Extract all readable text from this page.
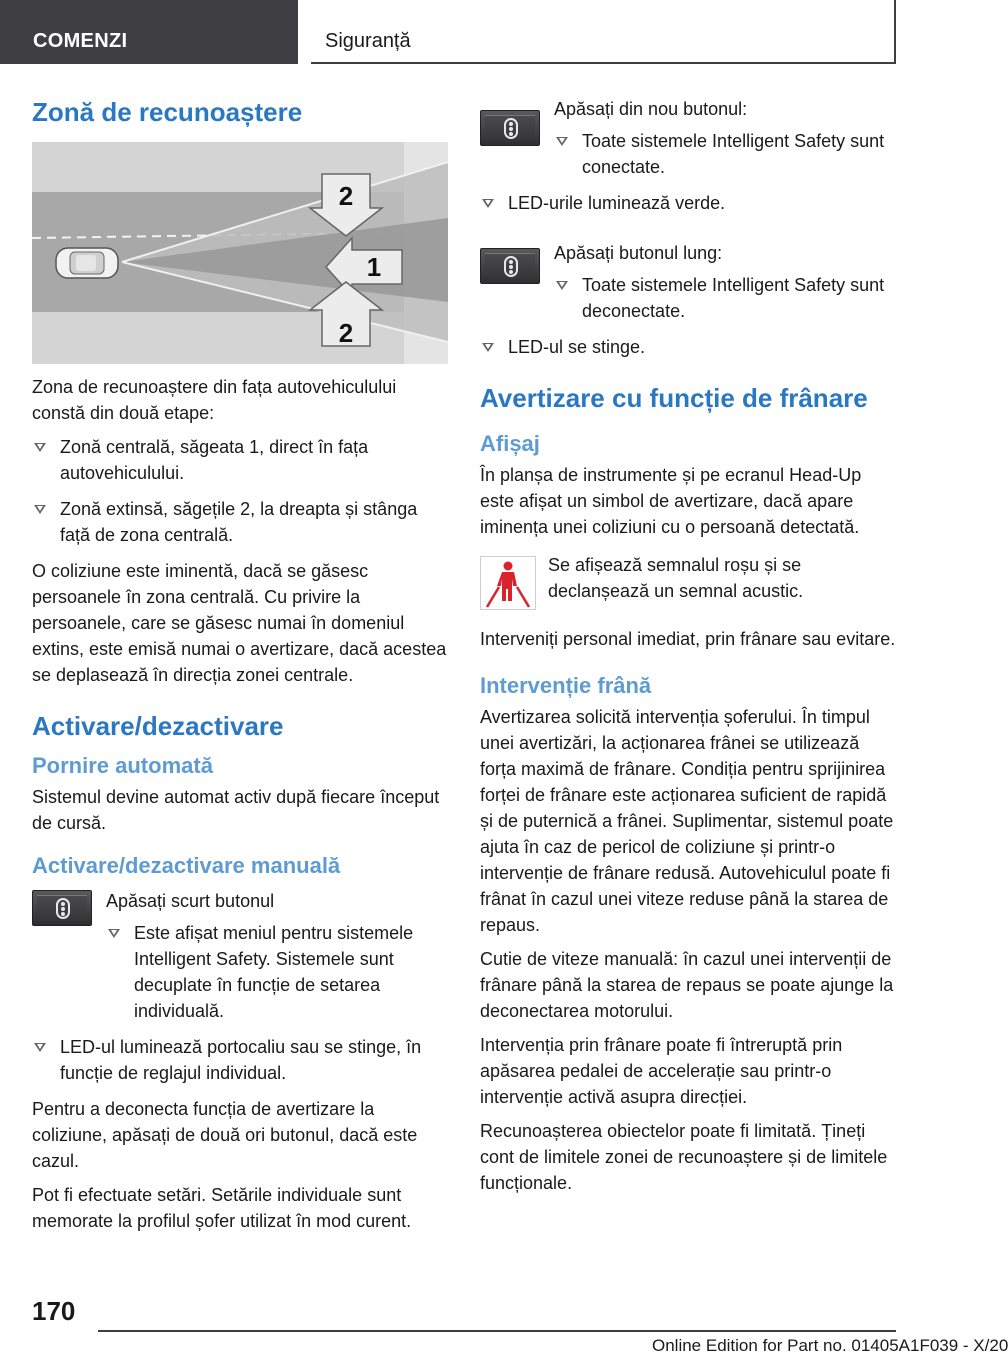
COMENZI	Siguranță
Zonă de recunoaștere
2
1
2

Zona de recunoaștere din fața autovehiculului constă din două etape:

Zonă centrală, săgeata 1, direct în fața autovehiculului.
Zonă extinsă, săgețile 2, la dreapta și stânga față de zona centrală.

O coliziune este iminentă, dacă se găsesc persoanele în zona centrală. Cu privire la persoanele, care se găsesc numai în domeniul extins, este emisă numai o avertizare, dacă acestea se deplasează în direcția zonei centrale.

Activare/dezactivare
Pornire automată

Sistemul devine automat activ după fiecare început de cursă.

Activare/dezactivare manuală

Apăsați scurt butonul

Este afișat meniul pentru sistemele Intelligent Safety. Sistemele sunt decuplate în funcție de setarea individuală.
LED-ul luminează portocaliu sau se stinge, în funcție de reglajul individual.

Pentru a deconecta funcția de avertizare la coliziune, apăsați de două ori butonul, dacă este cazul.

Pot fi efectuate setări. Setările individuale sunt memorate la profilul șofer utilizat în mod curent.

Apăsați din nou butonul:

Toate sistemele Intelligent Safety sunt conectate.
LED-urile luminează verde.

Apăsați butonul lung:

Toate sistemele Intelligent Safety sunt deconectate.
LED-ul se stinge.
Avertizare cu funcție de frânare
Afișaj

În planșa de instrumente și pe ecranul Head-Up este afișat un simbol de avertizare, dacă apare iminența unei coliziuni cu o persoană detectată.

Se afișează semnalul roșu și se declanșează un semnal acustic.

Interveniți personal imediat, prin frânare sau evitare.

Intervenție frână

Avertizarea solicită intervenția șoferului. În timpul unei avertizări, la acționarea frânei se utilizează forța maximă de frânare. Condiția pentru sprijinirea forței de frânare este acționarea suficient de rapidă și de puternică a frânei. Suplimentar, sistemul poate ajuta în caz de pericol de coliziune și printr-o intervenție de frânare redusă. Autovehiculul poate fi frânat în cazul unei viteze reduse până la starea de repaus.

Cutie de viteze manuală: în cazul unei intervenții de frânare până la starea de repaus se poate ajunge la deconectarea motorului.

Intervenția prin frânare poate fi întreruptă prin apăsarea pedalei de accelerație sau printr-o intervenție activă asupra direcției.

Recunoașterea obiectelor poate fi limitată. Țineți cont de limitele zonei de recunoaștere și de limitele funcționale.

170
Online Edition for Part no. 01405A1F039 - X/20
